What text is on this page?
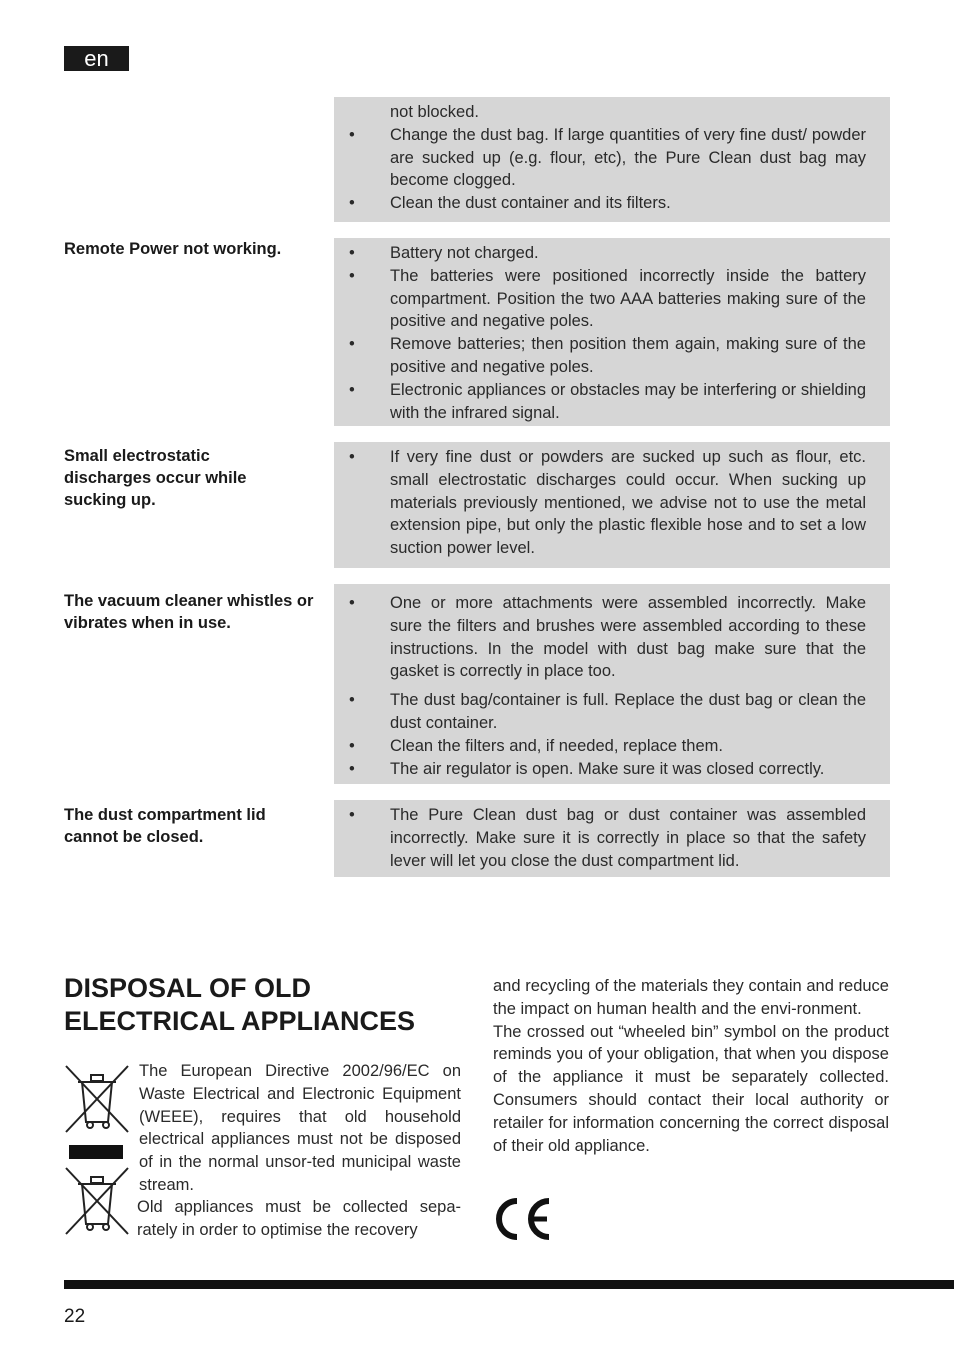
en
not blocked.
• Change the dust bag. If large quantities of very fine dust/ powder are sucked up (e.g. flour, etc), the Pure Clean dust bag may become clogged.
• Clean the dust container and its filters.
Remote Power not working.
•	Battery not charged.
• The batteries were positioned incorrectly inside the battery compartment. Position the two AAA batteries making sure of the positive and negative poles.
• Remove batteries; then position them again, making sure of the positive and negative poles.
• Electronic appliances or obstacles may be interfering or shielding with the infrared signal.
Small electrostatic discharges occur while sucking up.
• If very fine dust or powders are sucked up such as flour, etc. small electrostatic discharges could occur. When sucking up materials previously mentioned, we advise not to use the metal extension pipe, but only the plastic flexible hose and to set a low suction power level.
The vacuum cleaner whistles or vibrates when in use.
• One or more attachments were assembled incorrectly. Make sure the filters and brushes were assembled according to these instructions. In the model with dust bag make sure that the gasket is correctly in place too.
• The dust bag/container is full. Replace the dust bag or clean the dust container.
• Clean the filters and, if needed, replace them.
• The air regulator is open. Make sure it was closed correctly.
The dust compartment lid cannot be closed.
• The Pure Clean dust bag or dust container was assembled incorrectly. Make sure it is correctly in place so that the safety lever will let you close the dust compartment lid.
DISPOSAL OF OLD ELECTRICAL APPLIANCES

The European Directive 2002/96/EC on Waste Electrical and Electronic Equipment (WEEE), requires that old household electrical appliances must not be disposed of in the normal unsor-ted municipal waste stream.

Old appliances must be collected sepa-rately in order to optimise the recovery

and recycling of the materials they contain and reduce the impact on human health and the envi-ronment.

The crossed out “wheeled bin” symbol on the product reminds you of your obligation, that when you dispose of the appliance it must be separately collected. Consumers should contact their local authority or retailer for information concerning the correct disposal of their old appliance.

22
